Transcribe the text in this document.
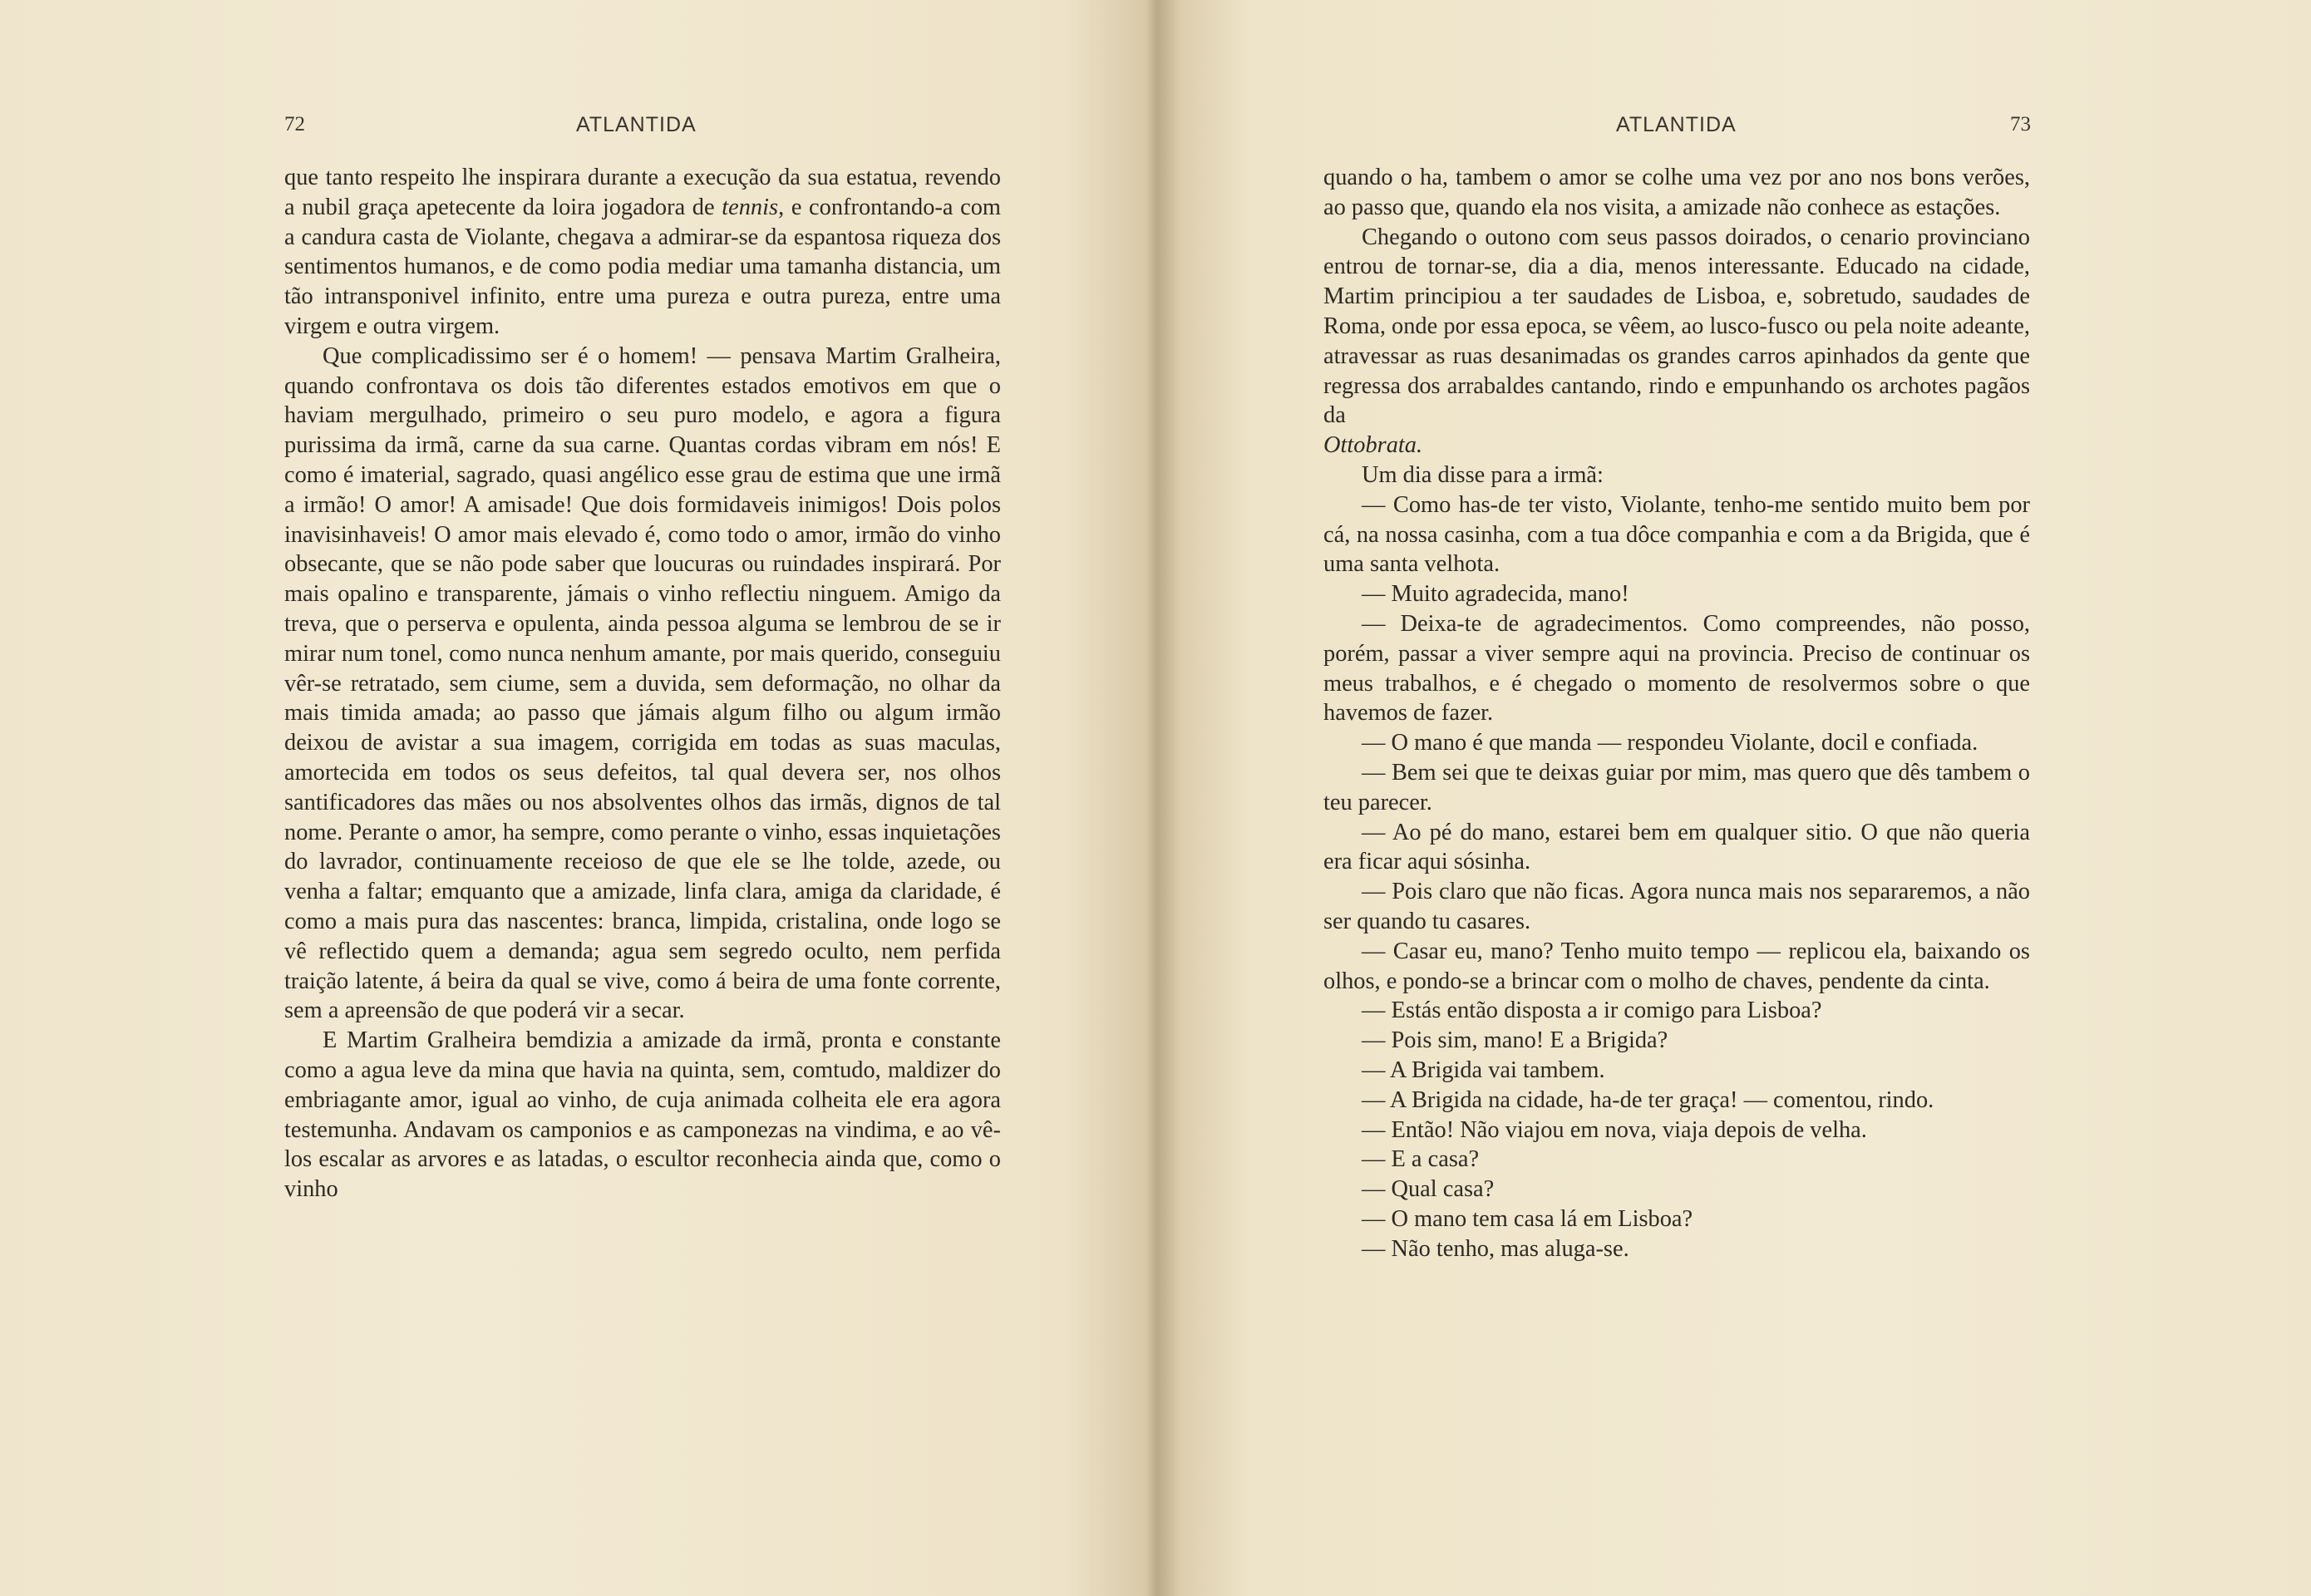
72	ATLANTIDA

que tanto respeito lhe inspirara durante a execução da sua estatua, revendo a nubil graça apetecente da loira jogadora de tennis, e confrontando-a com a candura casta de Violante, chegava a admirar-se da espantosa riqueza dos sentimentos humanos, e de como podia mediar uma tamanha distancia, um tão intransponivel infinito, entre uma pureza e outra pureza, entre uma virgem e outra virgem.

Que complicadissimo ser é o homem! — pensava Martim Gralheira, quando confrontava os dois tão diferentes estados emotivos em que o haviam mergulhado, primeiro o seu puro modelo, e agora a figura purissima da irmã, carne da sua carne. Quantas cordas vibram em nós! E como é imaterial, sagrado, quasi angélico esse grau de estima que une irmã a irmão! O amor! A amisade! Que dois formidaveis inimigos! Dois polos inavisinhaveis! O amor mais elevado é, como todo o amor, irmão do vinho obsecante, que se não pode saber que loucuras ou ruindades inspirará. Por mais opalino e transparente, jámais o vinho reflectiu ninguem. Amigo da treva, que o perserva e opulenta, ainda pessoa alguma se lembrou de se ir mirar num tonel, como nunca nenhum amante, por mais querido, conseguiu vêr-se retratado, sem ciume, sem a duvida, sem deformação, no olhar da mais timida amada; ao passo que jámais algum filho ou algum irmão deixou de avistar a sua imagem, corrigida em todas as suas maculas, amortecida em todos os seus defeitos, tal qual devera ser, nos olhos santificadores das mães ou nos absolventes olhos das irmãs, dignos de tal nome. Perante o amor, ha sempre, como perante o vinho, essas inquietações do lavrador, continuamente receioso de que ele se lhe tolde, azede, ou venha a faltar; emquanto que a amizade, linfa clara, amiga da claridade, é como a mais pura das nascentes: branca, limpida, cristalina, onde logo se vê reflectido quem a demanda; agua sem segredo oculto, nem perfida traição latente, á beira da qual se vive, como á beira de uma fonte corrente, sem a apreensão de que poderá vir a secar.

E Martim Gralheira bemdizia a amizade da irmã, pronta e constante como a agua leve da mina que havia na quinta, sem, comtudo, maldizer do embriagante amor, igual ao vinho, de cuja animada colheita ele era agora testemunha. Andavam os camponios e as camponezas na vindima, e ao vê-los escalar as arvores e as latadas, o escultor reconhecia ainda que, como o vinho

ATLANTIDA	73

quando o ha, tambem o amor se colhe uma vez por ano nos bons verões, ao passo que, quando ela nos visita, a amizade não conhece as estações.

Chegando o outono com seus passos doirados, o cenario provinciano entrou de tornar-se, dia a dia, menos interessante. Educado na cidade, Martim principiou a ter saudades de Lisboa, e, sobretudo, saudades de Roma, onde por essa epoca, se vêem, ao lusco-fusco ou pela noite adeante, atravessar as ruas desanimadas os grandes carros apinhados da gente que regressa dos arrabaldes cantando, rindo e empunhando os archotes pagãos da

Ottobrata.

Um dia disse para a irmã:

— Como has-de ter visto, Violante, tenho-me sentido muito bem por cá, na nossa casinha, com a tua dôce companhia e com a da Brigida, que é uma santa velhota.

— Muito agradecida, mano!

— Deixa-te de agradecimentos. Como compreendes, não posso, porém, passar a viver sempre aqui na provincia. Preciso de continuar os meus trabalhos, e é chegado o momento de resolvermos sobre o que havemos de fazer.

— O mano é que manda — respondeu Violante, docil e confiada.

— Bem sei que te deixas guiar por mim, mas quero que dês tambem o teu parecer.

— Ao pé do mano, estarei bem em qualquer sitio. O que não queria era ficar aqui sósinha.

— Pois claro que não ficas. Agora nunca mais nos separaremos, a não ser quando tu casares.

— Casar eu, mano? Tenho muito tempo — replicou ela, baixando os olhos, e pondo-se a brincar com o molho de chaves, pendente da cinta.

— Estás então disposta a ir comigo para Lisboa?

— Pois sim, mano! E a Brigida?

— A Brigida vai tambem.

— A Brigida na cidade, ha-de ter graça! — comentou, rindo.

— Então! Não viajou em nova, viaja depois de velha.

— E a casa?

— Qual casa?

— O mano tem casa lá em Lisboa?

— Não tenho, mas aluga-se.
